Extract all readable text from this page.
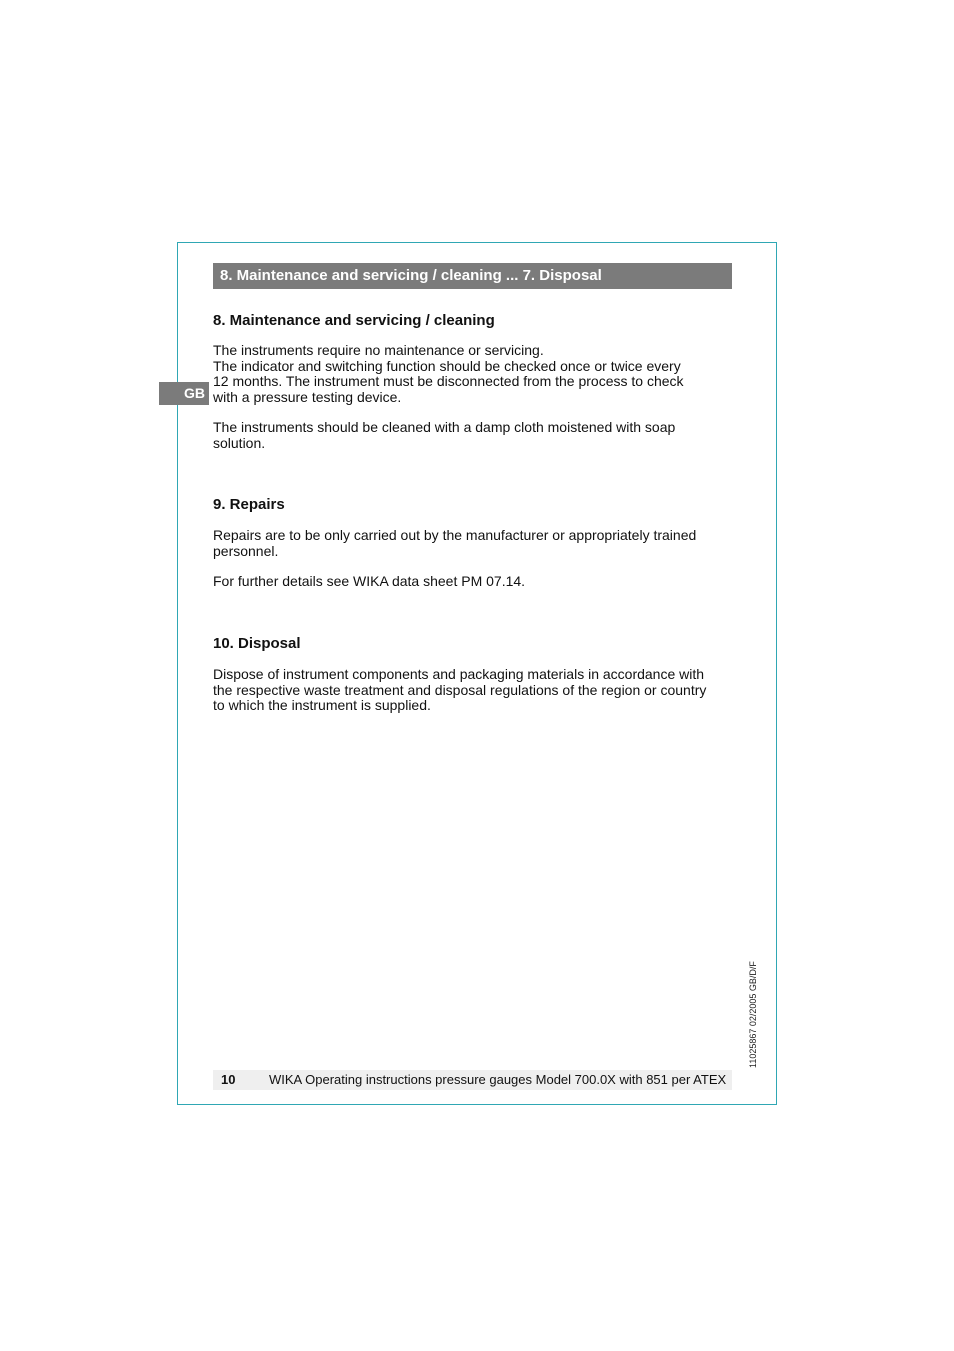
8. Maintenance and servicing / cleaning ... 7. Disposal
GB
8. Maintenance and servicing / cleaning

The instruments require no maintenance or servicing.
The indicator and switching function should be checked once or twice every
12 months. The instrument must be disconnected from the process to check
with a pressure testing device.

The instruments should be cleaned with a damp cloth moistened with soap
solution.

9. Repairs

Repairs are to be only carried out by the manufacturer or appropriately trained
personnel.

For further details see WIKA data sheet PM 07.14.

10. Disposal

Dispose of instrument components and packaging materials in accordance with
the respective waste treatment and disposal regulations of the region or country
to which the instrument is supplied.

11025867 02/2005 GB/D/F
10	WIKA Operating instructions pressure gauges Model 700.0X with 851 per ATEX
